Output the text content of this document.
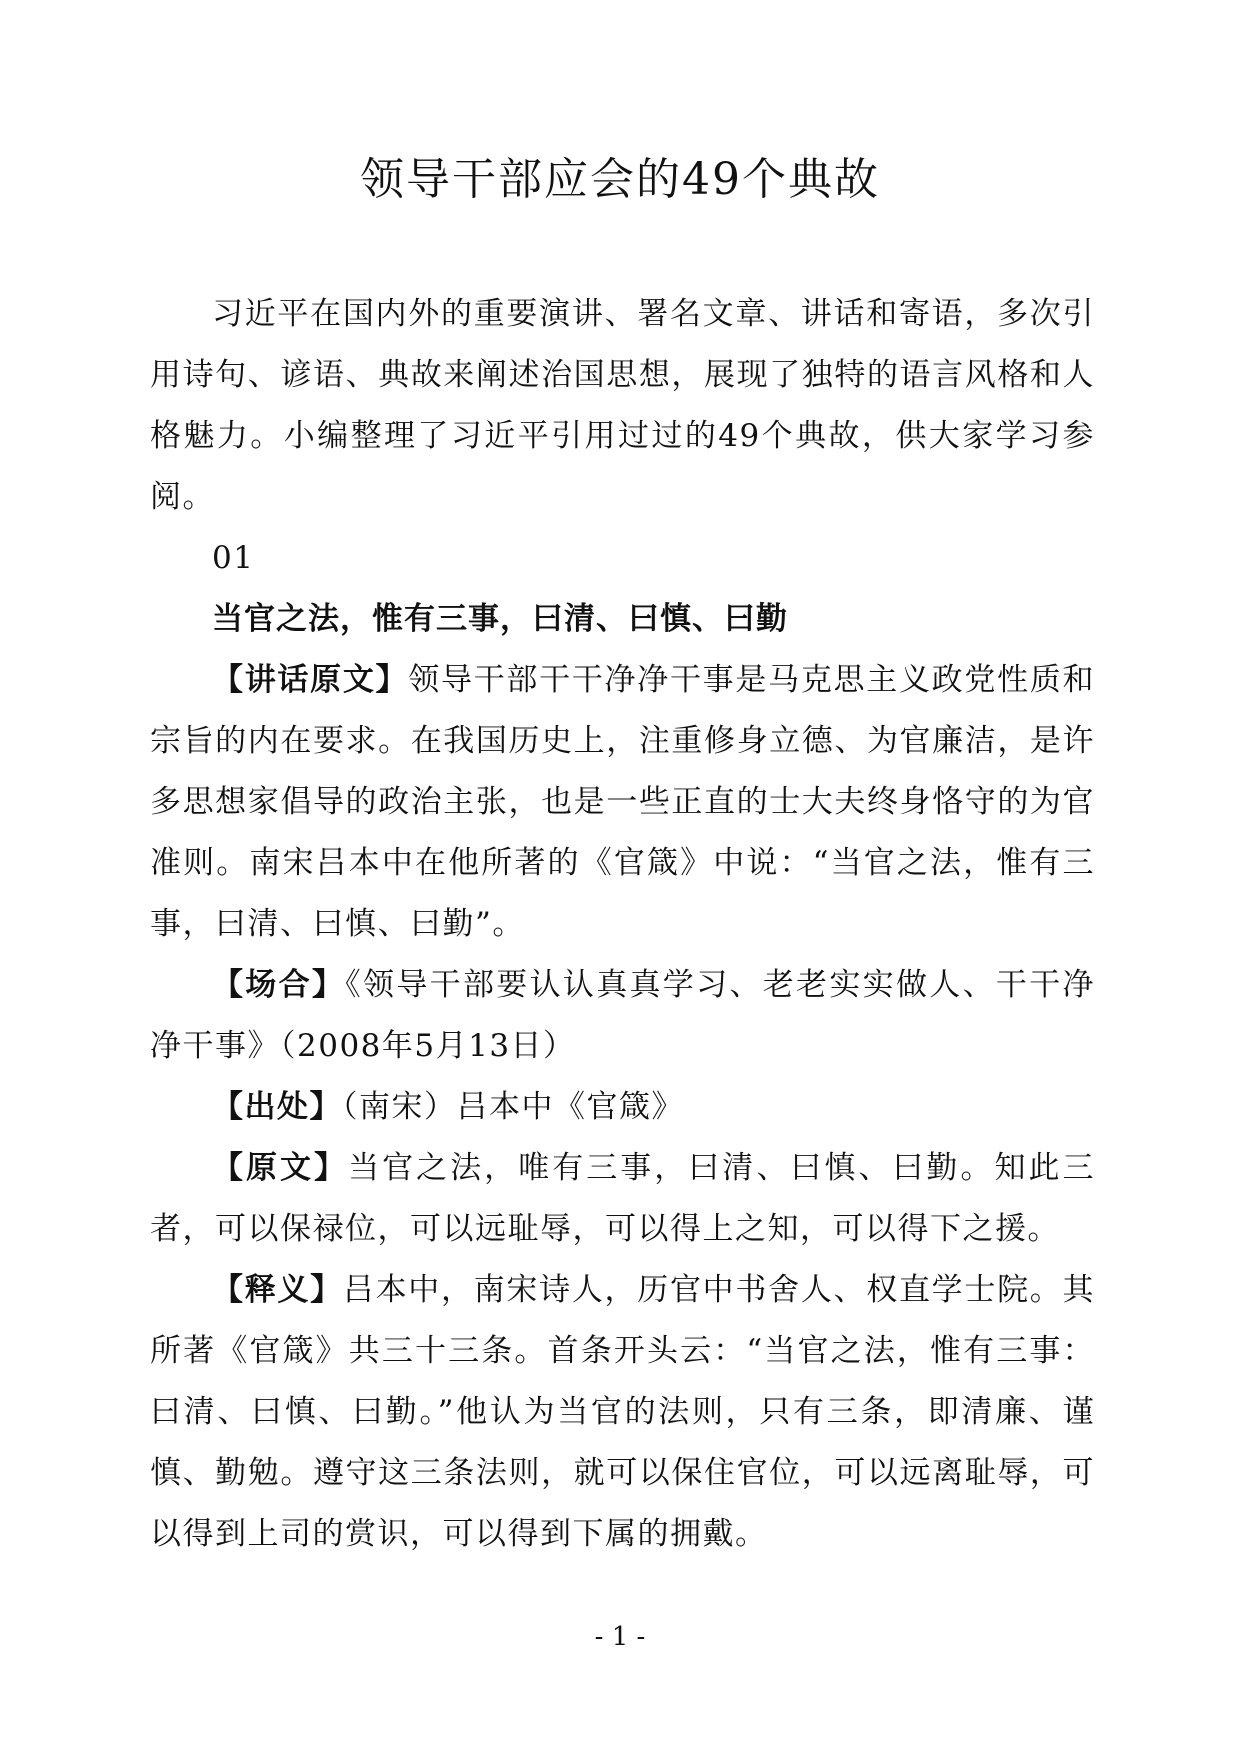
领导干部应会的49个典故

习近平在国内外的重要演讲、署名文章、讲话和寄语，多次引用诗句、谚语、典故来阐述治国思想，展现了独特的语言风格和人格魅力。小编整理了习近平引用过过的49个典故，供大家学习参阅。

01

当官之法，惟有三事，曰清、曰慎、曰勤

【讲话原文】领导干部干干净净干事是马克思主义政党性质和宗旨的内在要求。在我国历史上，注重修身立德、为官廉洁，是许多思想家倡导的政治主张，也是一些正直的士大夫终身恪守的为官准则。南宋吕本中在他所著的《官箴》中说：“当官之法，惟有三事，曰清、曰慎、曰勤”。

【场合】《领导干部要认认真真学习、老老实实做人、干干净净干事》（2008年5月13日）

【出处】（南宋）吕本中《官箴》

【原文】当官之法，唯有三事，曰清、曰慎、曰勤。知此三者，可以保禄位，可以远耻辱，可以得上之知，可以得下之援。

【释义】吕本中，南宋诗人，历官中书舍人、权直学士院。其所著《官箴》共三十三条。首条开头云：“当官之法，惟有三事：曰清、曰慎、曰勤。”他认为当官的法则，只有三条，即清廉、谨慎、勤勉。遵守这三条法则，就可以保住官位，可以远离耻辱，可以得到上司的赏识，可以得到下属的拥戴。

- 1 -
